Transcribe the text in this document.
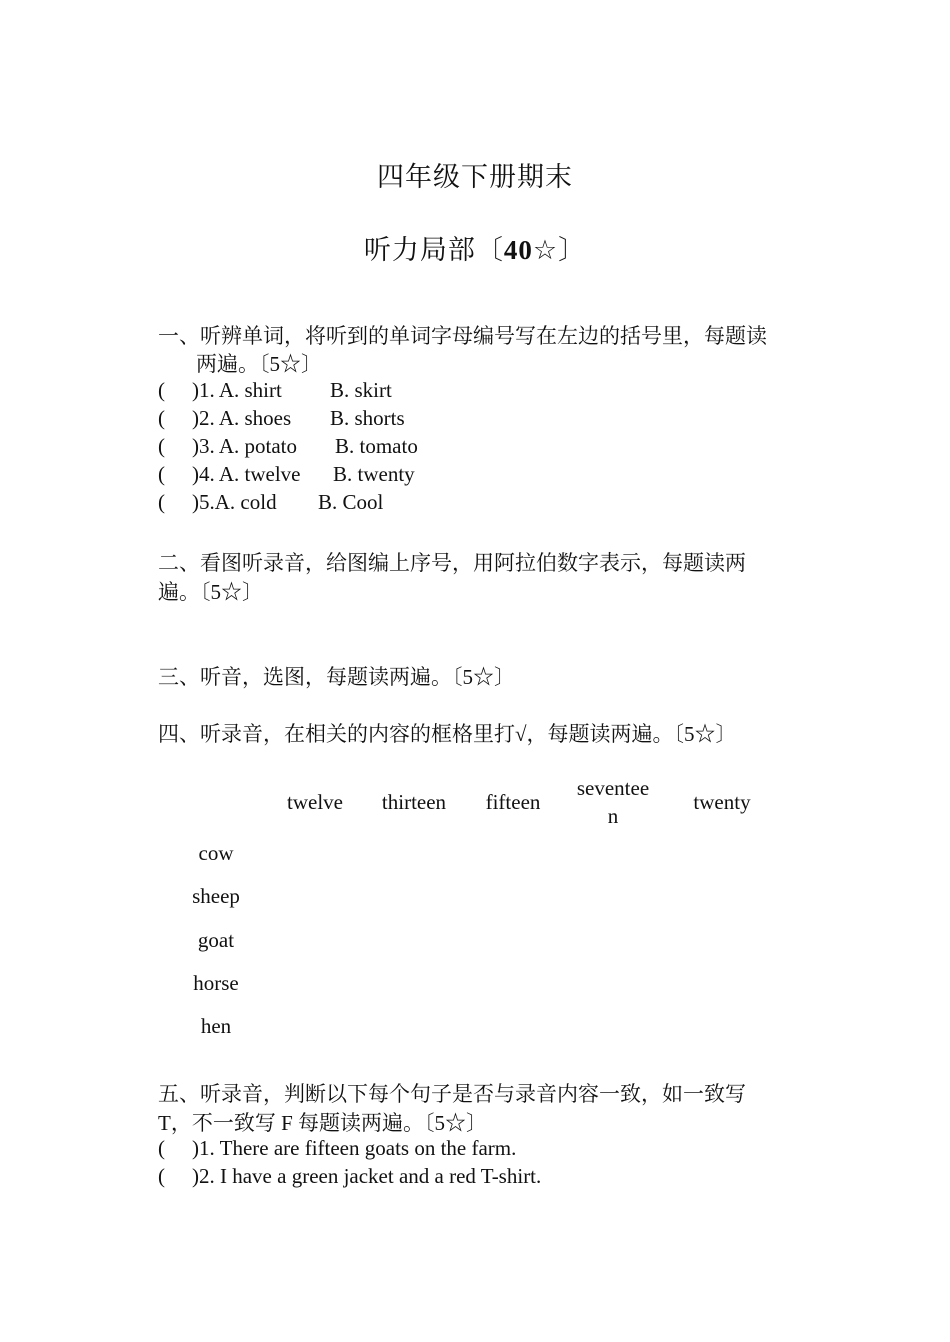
四年级下册期末
听力局部〔40☆〕
一、听辨单词，将听到的单词字母编号写在左边的括号里，每题读
两遍。〔5☆〕
( )1. A. shirt B. skirt
( )2. A. shoes B. shorts
( )3. A. potato B. tomato
( )4. A. twelve B. twenty
( )5.A. cold B. Cool
二、看图听录音，给图编上序号，用阿拉伯数字表示，每题读两
遍。〔5☆〕
三、听音，选图，每题读两遍。〔5☆〕
四、听录音，在相关的内容的框格里打√，每题读两遍。〔5☆〕
twelve	thirteen	fifteen
seventee
n
twenty
cow
sheep
goat
horse
hen
五、听录音，判断以下每个句子是否与录音内容一致，如一致写
T，不一致写 F 每题读两遍。〔5☆〕
( )1. There are fifteen goats on the farm.
( )2. I have a green jacket and a red T-shirt.
